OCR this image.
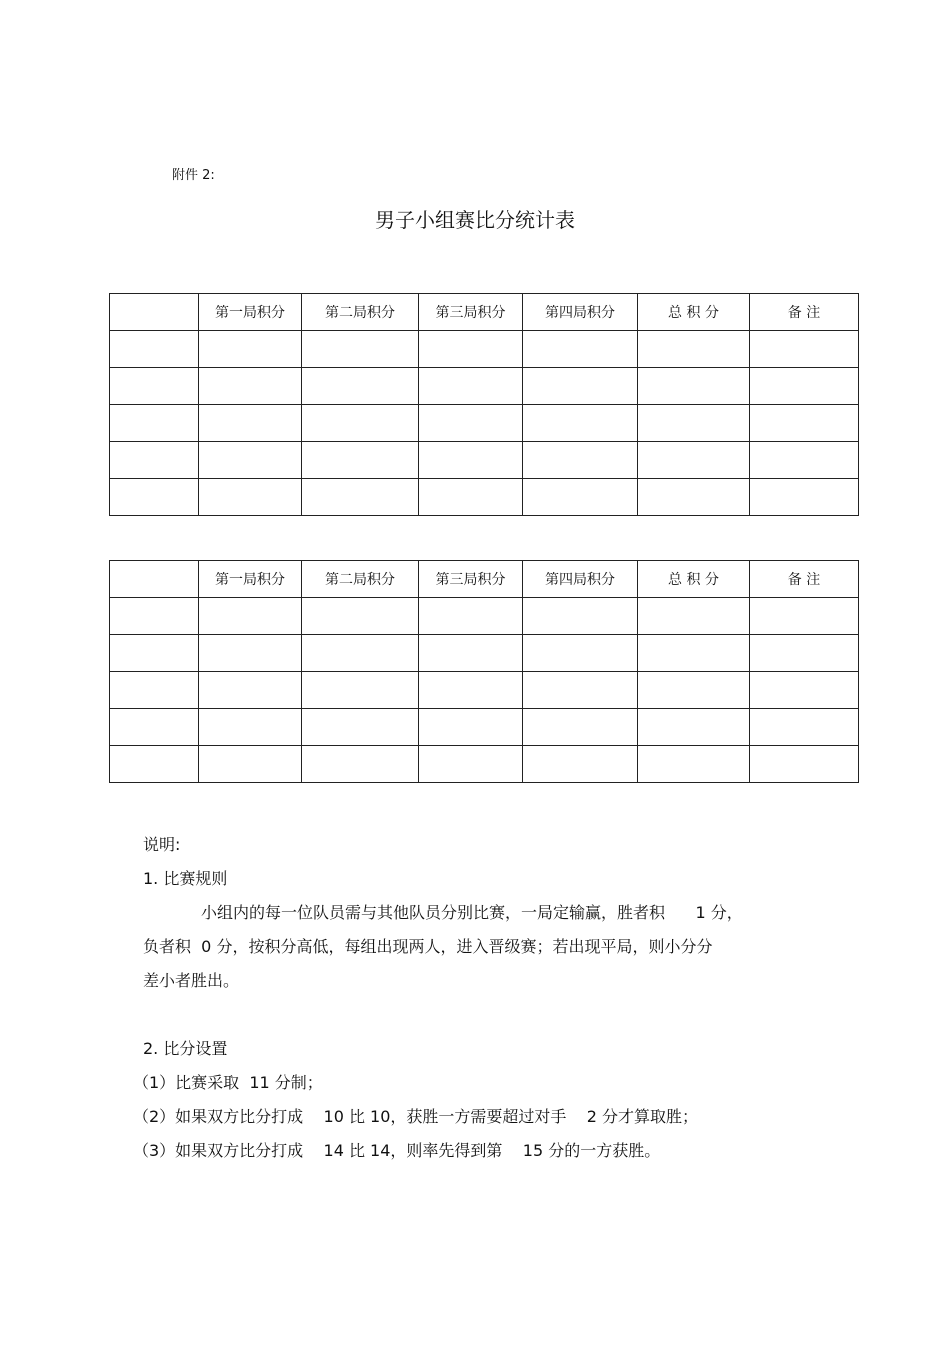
附件 2:
男子小组赛比分统计表
	第一局积分	第二局积分	第三局积分	第四局积分	总 积 分	备 注

	第一局积分	第二局积分	第三局积分	第四局积分	总 积 分	备 注

说明:

1. 比赛规则

小组内的每一位队员需与其他队员分别比赛，一局定输赢，胜者积      1 分，

负者积  0 分，按积分高低，每组出现两人，进入晋级赛；若出现平局，则小分分

差小者胜出。

2. 比分设置

（1）比赛采取  11 分制；

（2）如果双方比分打成    10 比 10，获胜一方需要超过对手    2 分才算取胜；

（3）如果双方比分打成    14 比 14，则率先得到第    15 分的一方获胜。
